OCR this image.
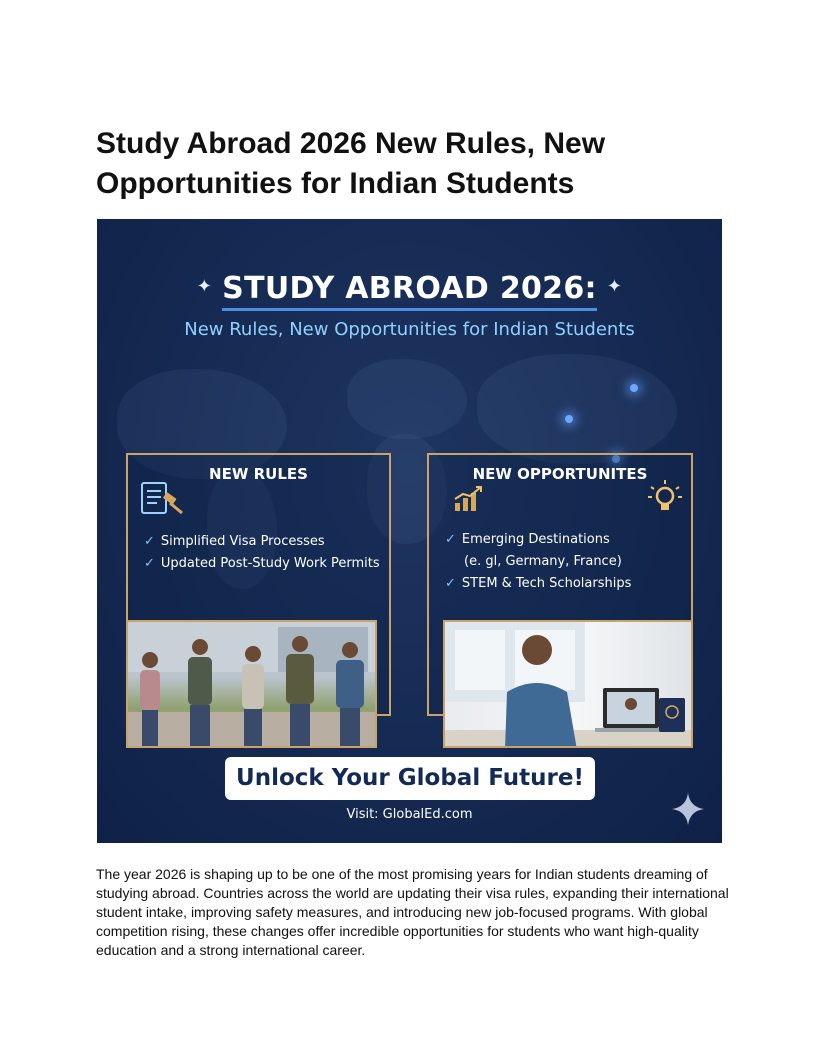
Study Abroad 2026 New Rules, New Opportunities for Indian Students
✦ STUDY ABROAD 2026: ✦
New Rules, New Opportunities for Indian Students
NEW RULES
✓ Simplified Visa Processes
✓ Updated Post-Study Work Permits
NEW OPPORTUNITES
✓ Emerging Destinations
(e. gl, Germany, France)
✓ STEM & Tech Scholarships
Unlock Your Global Future!
Visit: GlobalEd.com

The year 2026 is shaping up to be one of the most promising years for Indian students dreaming of studying abroad. Countries across the world are updating their visa rules, expanding their international student intake, improving safety measures, and introducing new job-focused programs. With global competition rising, these changes offer incredible opportunities for students who want high-quality education and a strong international career.
